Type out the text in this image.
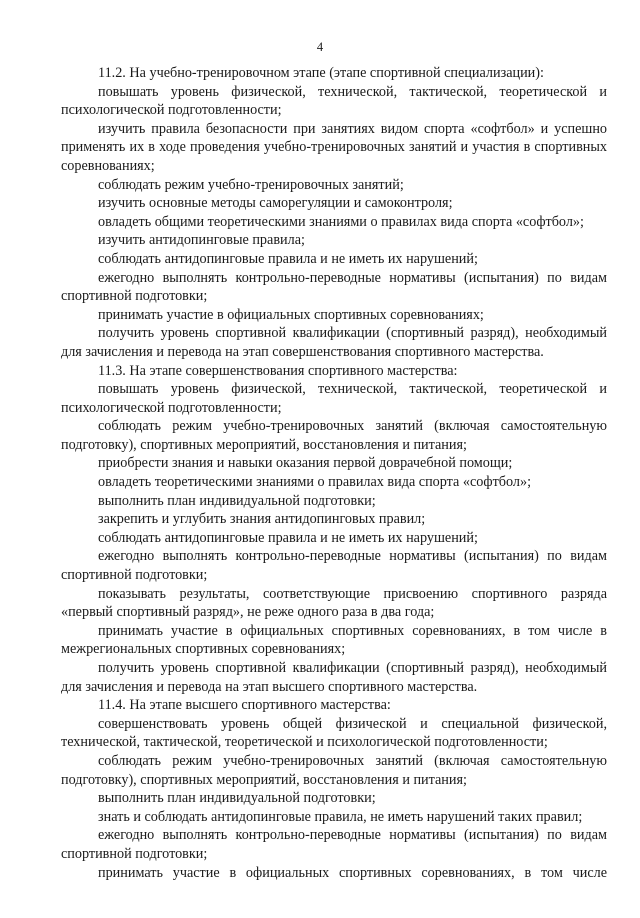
4

11.2. На учебно-тренировочном этапе (этапе спортивной специализации):

повышать уровень физической, технической, тактической, теоретической и психологической подготовленности;

изучить правила безопасности при занятиях видом спорта «софтбол» и успешно применять их в ходе проведения учебно-тренировочных занятий и участия в спортивных соревнованиях;

соблюдать режим учебно-тренировочных занятий;

изучить основные методы саморегуляции и самоконтроля;

овладеть общими теоретическими знаниями о правилах вида спорта «софтбол»;

изучить антидопинговые правила;

соблюдать антидопинговые правила и не иметь их нарушений;

ежегодно выполнять контрольно-переводные нормативы (испытания) по видам спортивной подготовки;

принимать участие в официальных спортивных соревнованиях;

получить уровень спортивной квалификации (спортивный разряд), необходимый для зачисления и перевода на этап совершенствования спортивного мастерства.

11.3. На этапе совершенствования спортивного мастерства:

повышать уровень физической, технической, тактической, теоретической и психологической подготовленности;

соблюдать режим учебно-тренировочных занятий (включая самостоятельную подготовку), спортивных мероприятий, восстановления и питания;

приобрести знания и навыки оказания первой доврачебной помощи;

овладеть теоретическими знаниями о правилах вида спорта «софтбол»;

выполнить план индивидуальной подготовки;

закрепить и углубить знания антидопинговых правил;

соблюдать антидопинговые правила и не иметь их нарушений;

ежегодно выполнять контрольно-переводные нормативы (испытания) по видам спортивной подготовки;

показывать результаты, соответствующие присвоению спортивного разряда «первый спортивный разряд», не реже одного раза в два года;

принимать участие в официальных спортивных соревнованиях, в том числе в межрегиональных спортивных соревнованиях;

получить уровень спортивной квалификации (спортивный разряд), необходимый для зачисления и перевода на этап высшего спортивного мастерства.

11.4. На этапе высшего спортивного мастерства:

совершенствовать уровень общей физической и специальной физической, технической, тактической, теоретической и психологической подготовленности;

соблюдать режим учебно-тренировочных занятий (включая самостоятельную подготовку), спортивных мероприятий, восстановления и питания;

выполнить план индивидуальной подготовки;

знать и соблюдать антидопинговые правила, не иметь нарушений таких правил;

ежегодно выполнять контрольно-переводные нормативы (испытания) по видам спортивной подготовки;

принимать участие в официальных спортивных соревнованиях, в том числе
